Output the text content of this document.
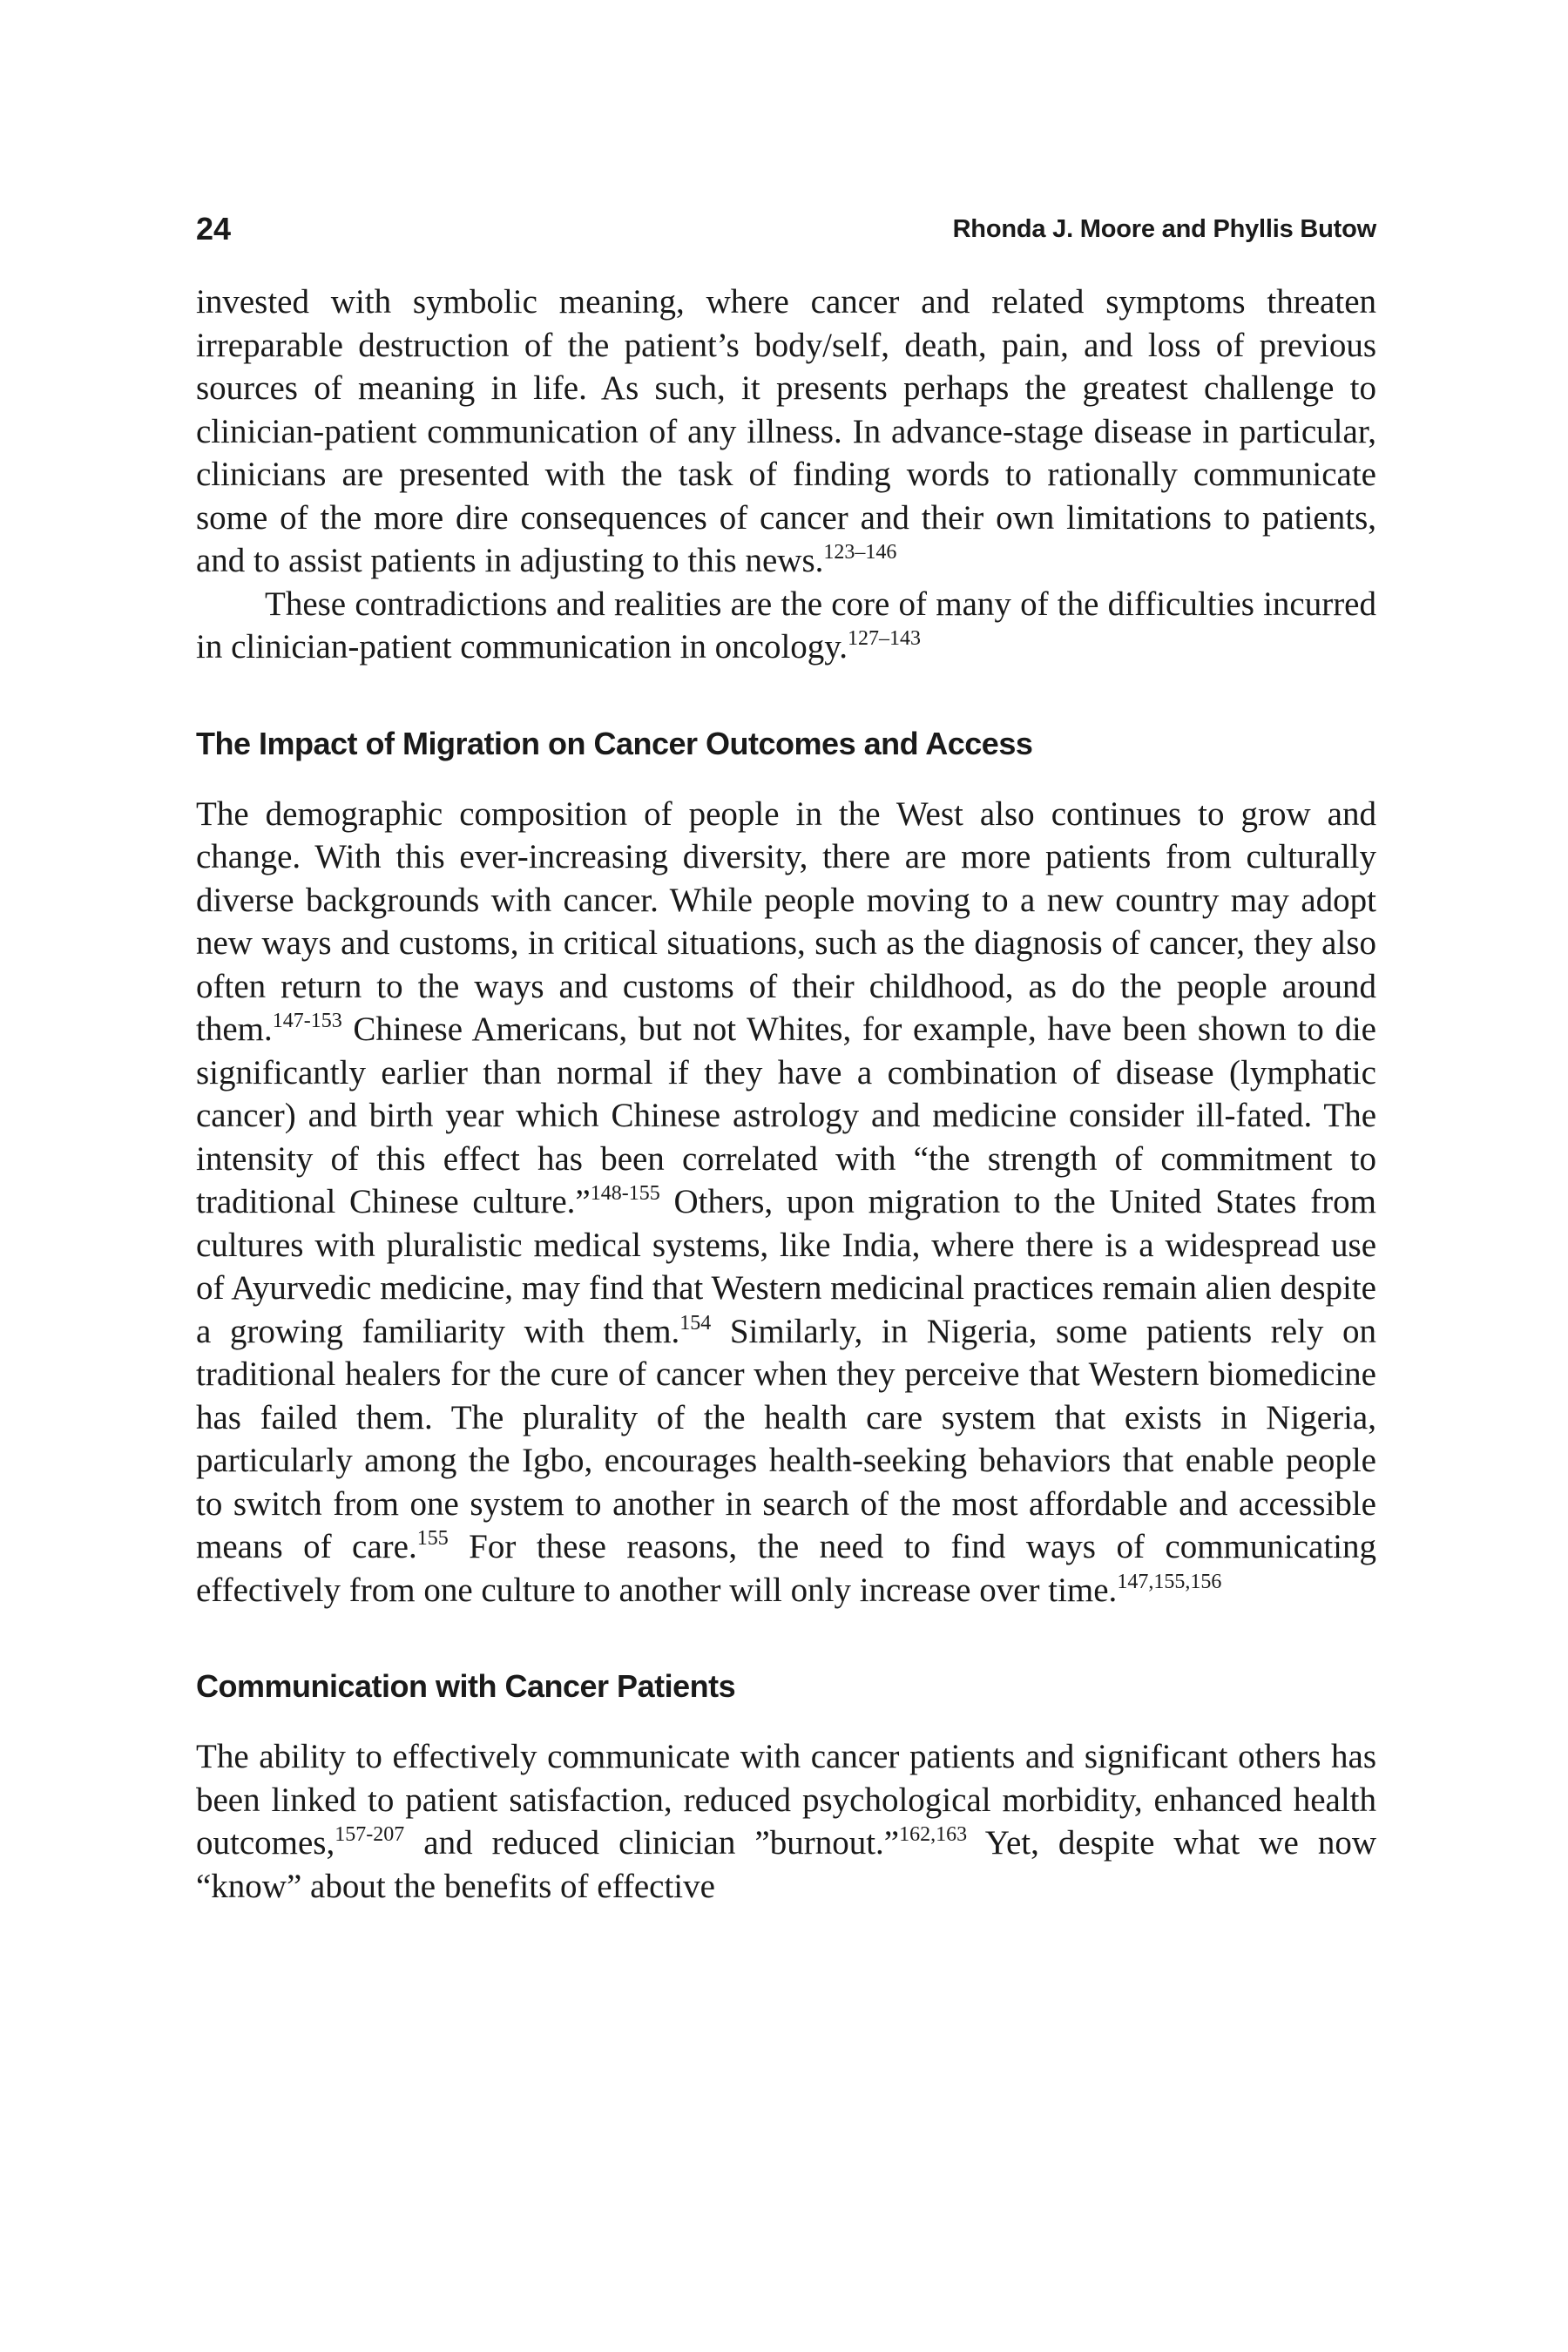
24	Rhonda J. Moore and Phyllis Butow

invested with symbolic meaning, where cancer and related symptoms threaten irreparable destruction of the patient’s body/self, death, pain, and loss of previous sources of meaning in life. As such, it presents perhaps the greatest challenge to clinician-patient communication of any illness. In advance-stage disease in particular, clinicians are presented with the task of finding words to rationally communicate some of the more dire consequences of cancer and their own limitations to patients, and to assist patients in adjusting to this news.$^{123-146}$

These contradictions and realities are the core of many of the difficulties incurred in clinician-patient communication in oncology.$^{127-143}$

The Impact of Migration on Cancer Outcomes and Access

The demographic composition of people in the West also continues to grow and change. With this ever-increasing diversity, there are more patients from culturally diverse backgrounds with cancer. While people moving to a new country may adopt new ways and customs, in critical situations, such as the diagnosis of cancer, they also often return to the ways and customs of their childhood, as do the people around them.$^{147-153}$ Chinese Americans, but not Whites, for example, have been shown to die significantly earlier than normal if they have a combination of disease (lymphatic cancer) and birth year which Chinese astrology and medicine consider ill-fated. The intensity of this effect has been correlated with “the strength of commitment to traditional Chinese culture.”$^{148-155}$ Others, upon migration to the United States from cultures with pluralistic medical systems, like India, where there is a widespread use of Ayurvedic medicine, may find that Western medicinal practices remain alien despite a growing familiarity with them.$^{154}$ Similarly, in Nigeria, some patients rely on traditional healers for the cure of cancer when they perceive that Western biomedicine has failed them. The plurality of the health care system that exists in Nigeria, particularly among the Igbo, encourages health-seeking behaviors that enable people to switch from one system to another in search of the most affordable and accessible means of care.$^{155}$ For these reasons, the need to find ways of communicating effectively from one culture to another will only increase over time.$^{147,155,156}$

Communication with Cancer Patients

The ability to effectively communicate with cancer patients and significant others has been linked to patient satisfaction, reduced psychological morbidity, enhanced health outcomes,$^{157-207}$ and reduced clinician ”burnout.”$^{162,163}$ Yet, despite what we now “know” about the benefits of effective
